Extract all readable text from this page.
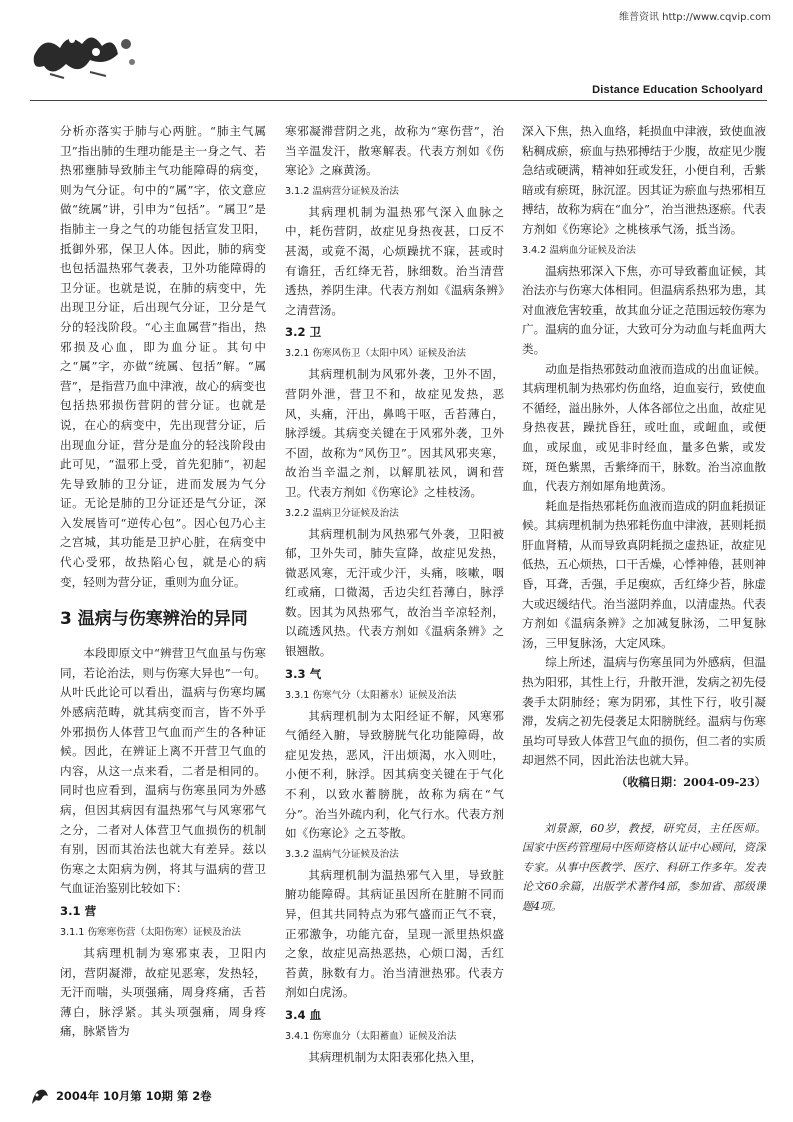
维普资讯 http://www.cqvip.com
Distance Education Schoolyard

分析亦落实于肺与心两脏。“肺主气属卫”指出肺的生理功能是主一身之气、若热邪壅肺导致肺主气功能障碍的病变，则为气分证。句中的“属”字，依文意应做“统属”讲，引申为“包括”。“属卫”是指肺主一身之气的功能包括宣发卫阳，抵御外邪，保卫人体。因此，肺的病变也包括温热邪气袭表，卫外功能障碍的卫分证。也就是说，在肺的病变中，先出现卫分证，后出现气分证，卫分是气分的轻浅阶段。“心主血属营”指出，热邪损及心血，即为血分证。其句中之“属”字，亦做“统属、包括”解。“属营”，是指营乃血中津液，故心的病变也包括热邪损伤营阴的营分证。也就是说，在心的病变中，先出现营分证，后出现血分证，营分是血分的轻浅阶段由此可见，“温邪上受，首先犯肺”，初起先导致肺的卫分证，进而发展为气分证。无论是肺的卫分证还是气分证，深入发展皆可“逆传心包”。因心包乃心主之宫城，其功能是卫护心脏，在病变中代心受邪，故热陷心包，就是心的病变，轻则为营分证，重则为血分证。

3 温病与伤寒辨治的异同

本段即原文中“辨营卫气血虽与伤寒同，若论治法，则与伤寒大异也”一句。从叶氏此论可以看出，温病与伤寒均属外感病范畴，就其病变而言，皆不外乎外邪损伤人体营卫气血而产生的各种证候。因此，在辨证上离不开营卫气血的内容，从这一点来看，二者是相同的。同时也应看到，温病与伤寒虽同为外感病，但因其病因有温热邪气与风寒邪气之分，二者对人体营卫气血损伤的机制有别，因而其治法也就大有差异。兹以伤寒之太阳病为例，将其与温病的营卫气血证治鉴别比较如下：

3.1 营
3.1.1 伤寒寒伤营（太阳伤寒）证候及治法

其病理机制为寒邪束表，卫阳内闭，营阴凝滞，故症见恶寒，发热轻，无汗而喘，头项强痛，周身疼痛，舌苔薄白，脉浮紧。其头项强痛，周身疼痛，脉紧皆为

寒邪凝滞营阴之兆，故称为“寒伤营”，治当辛温发汗，散寒解表。代表方剂如《伤寒论》之麻黄汤。

3.1.2 温病营分证候及治法

其病理机制为温热邪气深入血脉之中，耗伤营阴，故症见身热夜甚，口反不甚渴，或竟不渴，心烦躁扰不寐，甚或时有谵狂，舌红绛无苔，脉细数。治当清营透热，养阴生津。代表方剂如《温病条辨》之清营汤。

3.2 卫
3.2.1 伤寒风伤卫（太阳中风）证候及治法

其病理机制为风邪外袭，卫外不固，营阴外泄，营卫不和，故症见发热，恶风，头痛，汗出，鼻鸣干呕，舌苔薄白，脉浮缓。其病变关键在于风邪外袭，卫外不固，故称为“风伤卫”。因其风邪夹寒，故治当辛温之剂，以解肌祛风，调和营卫。代表方剂如《伤寒论》之桂枝汤。

3.2.2 温病卫分证候及治法

其病理机制为风热邪气外袭，卫阳被郁，卫外失司，肺失宣降，故症见发热，微恶风寒，无汗或少汗，头痛，咳嗽，咽红或痛，口微渴，舌边尖红苔薄白，脉浮数。因其为风热邪气，故治当辛凉轻剂，以疏透风热。代表方剂如《温病条辨》之银翘散。

3.3 气
3.3.1 伤寒气分（太阳蓄水）证候及治法

其病理机制为太阳经证不解，风寒邪气循经入腑，导致膀胱气化功能障碍，故症见发热，恶风，汗出烦渴，水入则吐，小便不利，脉浮。因其病变关键在于气化不利，以致水蓄膀胱，故称为病在“气分”。治当外疏内利，化气行水。代表方剂如《伤寒论》之五苓散。

3.3.2 温病气分证候及治法

其病理机制为温热邪气入里，导致脏腑功能障碍。其病证虽因所在脏腑不同而异，但其共同特点为邪气盛而正气不衰，正邪激争，功能亢奋，呈现一派里热炽盛之象，故症见高热恶热，心烦口渴，舌红苔黄，脉数有力。治当清泄热邪。代表方剂如白虎汤。

3.4 血
3.4.1 伤寒血分（太阳蓄血）证候及治法

其病理机制为太阳表邪化热入里，

深入下焦，热入血络，耗损血中津液，致使血液粘稠成瘀，瘀血与热邪搏结于少腹，故症见少腹急结或硬满，精神如狂或发狂，小便自利，舌紫暗或有瘀斑，脉沉涩。因其证为瘀血与热邪相互搏结，故称为病在“血分”，治当泄热逐瘀。代表方剂如《伤寒论》之桃核承气汤，抵当汤。

3.4.2 温病血分证候及治法

温病热邪深入下焦，亦可导致蓄血证候，其治法亦与伤寒大体相同。但温病系热邪为患，其对血液危害较重，故其血分证之范围远较伤寒为广。温病的血分证，大致可分为动血与耗血两大类。

动血是指热邪鼓动血液而造成的出血证候。其病理机制为热邪灼伤血络，迫血妄行，致使血不循经，溢出脉外，人体各部位之出血，故症见身热夜甚，躁扰昏狂，或吐血，或衄血，或便血，或尿血，或见非时经血，量多色紫，或发斑，斑色紫黑，舌紫绛而干，脉数。治当凉血散血，代表方剂如犀角地黄汤。

耗血是指热邪耗伤血液而造成的阴血耗损证候。其病理机制为热邪耗伤血中津液，甚则耗损肝血肾精，从而导致真阴耗损之虚热证，故症见低热，五心烦热，口干舌燥，心悸神倦，甚则神昏，耳聋，舌强，手足瘈疭，舌红绛少苔，脉虚大或迟缓结代。治当滋阴养血，以清虚热。代表方剂如《温病条辨》之加减复脉汤，二甲复脉汤，三甲复脉汤，大定风珠。

综上所述，温病与伤寒虽同为外感病，但温热为阳邪，其性上行，升散开泄，发病之初先侵袭手太阴肺经；寒为阴邪，其性下行，收引凝滞，发病之初先侵袭足太阳膀胱经。温病与伤寒虽均可导致人体营卫气血的损伤，但二者的实质却迥然不同，因此治法也就大异。

（收稿日期：2004-09-23）

刘景源，60岁，教授，研究员，主任医师。国家中医药管理局中医师资格认证中心顾问，资深专家。从事中医教学、医疗、科研工作多年。发表论文60余篇，出版学术著作4部，参加省、部级课题4项。

2004年 10月第 10期 第 2卷
